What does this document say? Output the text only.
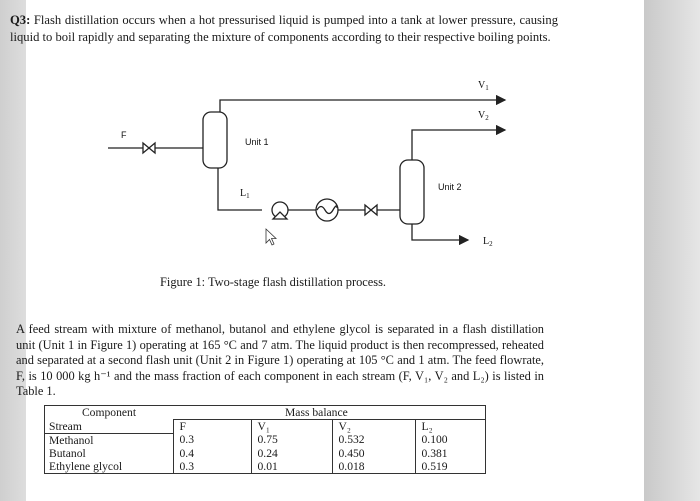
Q3: Flash distillation occurs when a hot pressurised liquid is pumped into a tank at lower pressure, causing liquid to boil rapidly and separating the mixture of components according to their respective boiling points.
F
Unit 1
Unit 2
$V_1$
$V_2$
$L_1$
$L_2$
Figure 1: Two-stage flash distillation process.
A feed stream with mixture of methanol, butanol and ethylene glycol is separated in a flash distillation unit (Unit 1 in Figure 1) operating at 165 °C and 7 atm. The liquid product is then recompressed, reheated and separated at a second flash unit (Unit 2 in Figure 1) operating at 105 °C and 1 atm. The feed flowrate, F, is 10 000 kg h⁻¹ and the mass fraction of each component in each stream (F, V₁, V₂ and L₂) is listed in Table 1.
Component		Mass balance		
Stream	F	V₁	V₂	L₂
Methanol	0.3	0.75	0.532	0.100
Butanol	0.4	0.24	0.450	0.381
Ethylene glycol	0.3	0.01	0.018	0.519
